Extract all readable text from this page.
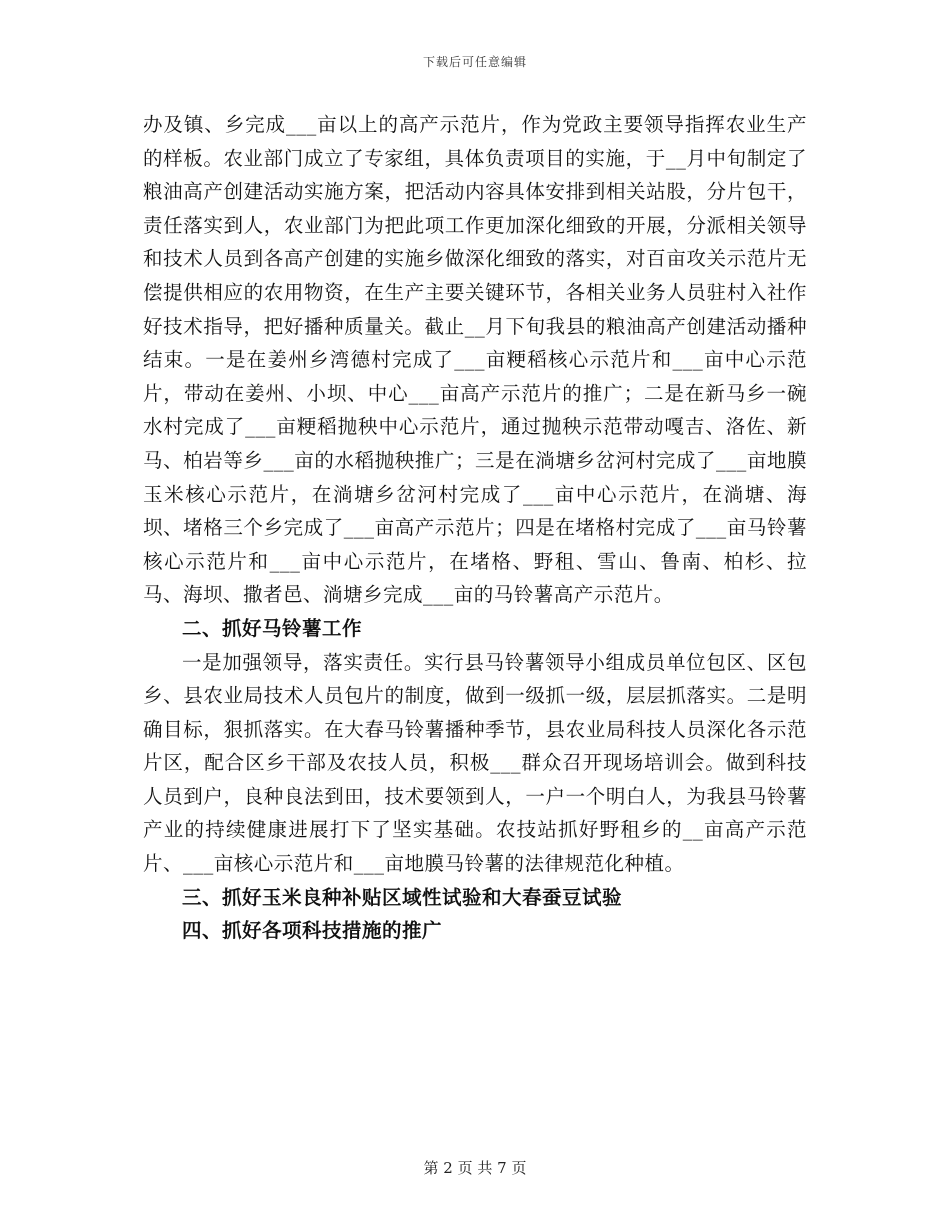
下载后可任意编辑

办及镇、乡完成___亩以上的高产示范片，作为党政主要领导指挥农业生产的样板。农业部门成立了专家组，具体负责项目的实施，于__月中旬制定了粮油高产创建活动实施方案，把活动内容具体安排到相关站股，分片包干，责任落实到人，农业部门为把此项工作更加深化细致的开展，分派相关领导和技术人员到各高产创建的实施乡做深化细致的落实，对百亩攻关示范片无偿提供相应的农用物资，在生产主要关键环节，各相关业务人员驻村入社作好技术指导，把好播种质量关。截止__月下旬我县的粮油高产创建活动播种结束。一是在姜州乡湾德村完成了___亩粳稻核心示范片和___亩中心示范片，带动在姜州、小坝、中心___亩高产示范片的推广；二是在新马乡一碗水村完成了___亩粳稻抛秧中心示范片，通过抛秧示范带动嘎吉、洛佐、新马、柏岩等乡___亩的水稻抛秧推广；三是在淌塘乡岔河村完成了___亩地膜玉米核心示范片，在淌塘乡岔河村完成了___亩中心示范片，在淌塘、海坝、堵格三个乡完成了___亩高产示范片；四是在堵格村完成了___亩马铃薯核心示范片和___亩中心示范片，在堵格、野租、雪山、鲁南、柏杉、拉马、海坝、撒者邑、淌塘乡完成___亩的马铃薯高产示范片。

二、抓好马铃薯工作

一是加强领导，落实责任。实行县马铃薯领导小组成员单位包区、区包乡、县农业局技术人员包片的制度，做到一级抓一级，层层抓落实。二是明确目标，狠抓落实。在大春马铃薯播种季节，县农业局科技人员深化各示范片区，配合区乡干部及农技人员，积极___群众召开现场培训会。做到科技人员到户，良种良法到田，技术要领到人，一户一个明白人，为我县马铃薯产业的持续健康进展打下了坚实基础。农技站抓好野租乡的__亩高产示范片、___亩核心示范片和___亩地膜马铃薯的法律规范化种植。

三、抓好玉米良种补贴区域性试验和大春蚕豆试验

四、抓好各项科技措施的推广

第 2 页 共 7 页
